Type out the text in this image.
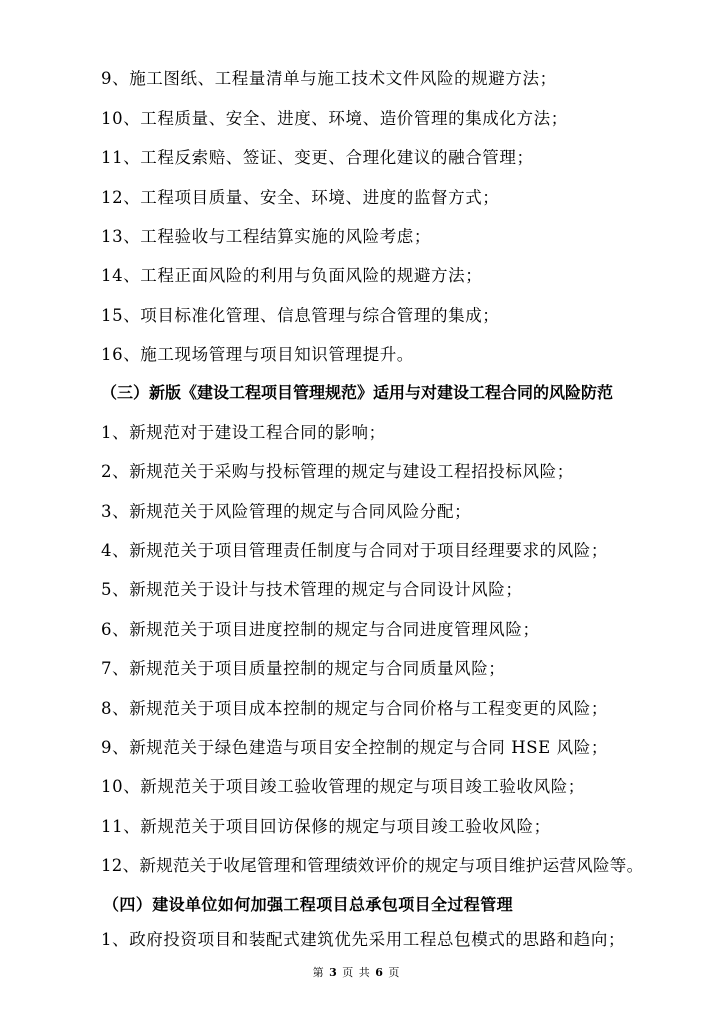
9、施工图纸、工程量清单与施工技术文件风险的规避方法；
10、工程质量、安全、进度、环境、造价管理的集成化方法；
11、工程反索赔、签证、变更、合理化建议的融合管理；
12、工程项目质量、安全、环境、进度的监督方式；
13、工程验收与工程结算实施的风险考虑；
14、工程正面风险的利用与负面风险的规避方法；
15、项目标准化管理、信息管理与综合管理的集成；
16、施工现场管理与项目知识管理提升。
（三）新版《建设工程项目管理规范》适用与对建设工程合同的风险防范
1、新规范对于建设工程合同的影响；
2、新规范关于采购与投标管理的规定与建设工程招投标风险；
3、新规范关于风险管理的规定与合同风险分配；
4、新规范关于项目管理责任制度与合同对于项目经理要求的风险；
5、新规范关于设计与技术管理的规定与合同设计风险；
6、新规范关于项目进度控制的规定与合同进度管理风险；
7、新规范关于项目质量控制的规定与合同质量风险；
8、新规范关于项目成本控制的规定与合同价格与工程变更的风险；
9、新规范关于绿色建造与项目安全控制的规定与合同 HSE 风险；
10、新规范关于项目竣工验收管理的规定与项目竣工验收风险；
11、新规范关于项目回访保修的规定与项目竣工验收风险；
12、新规范关于收尾管理和管理绩效评价的规定与项目维护运营风险等。
（四）建设单位如何加强工程项目总承包项目全过程管理
1、政府投资项目和装配式建筑优先采用工程总包模式的思路和趋向；
第 3 页 共 6 页
